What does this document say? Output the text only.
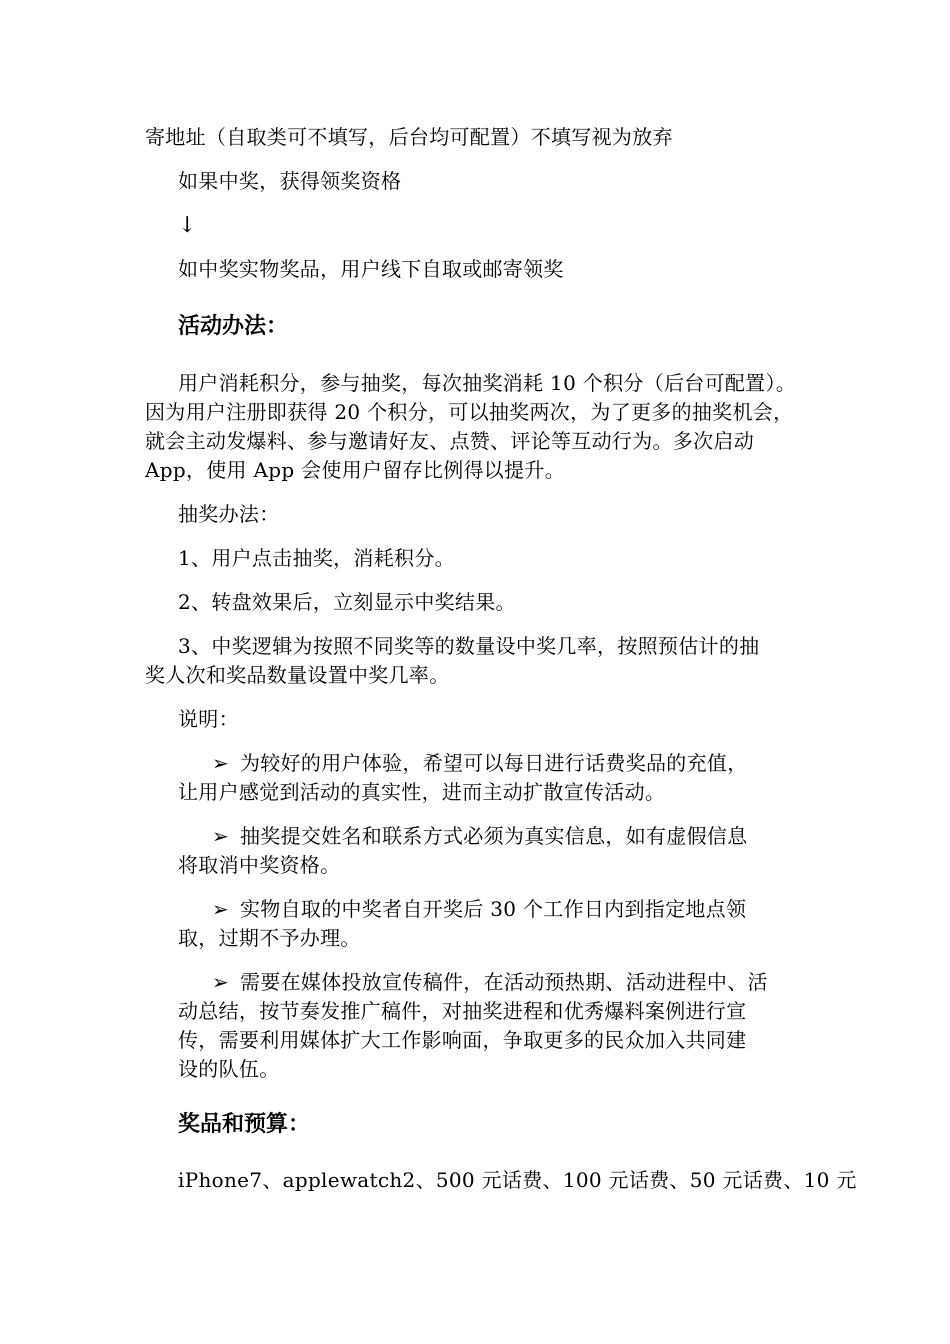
寄地址（自取类可不填写，后台均可配置）不填写视为放弃
如果中奖，获得领奖资格
↓
如中奖实物奖品，用户线下自取或邮寄领奖
活动办法：
用户消耗积分，参与抽奖，每次抽奖消耗 10 个积分（后台可配置）。
因为用户注册即获得 20 个积分，可以抽奖两次，为了更多的抽奖机会，
就会主动发爆料、参与邀请好友、点赞、评论等互动行为。多次启动
App，使用 App 会使用户留存比例得以提升。
抽奖办法：
1、用户点击抽奖，消耗积分。
2、转盘效果后，立刻显示中奖结果。
3、中奖逻辑为按照不同奖等的数量设中奖几率，按照预估计的抽
奖人次和奖品数量设置中奖几率。
说明：
➢ 为较好的用户体验，希望可以每日进行话费奖品的充值，
让用户感觉到活动的真实性，进而主动扩散宣传活动。
➢ 抽奖提交姓名和联系方式必须为真实信息，如有虚假信息
将取消中奖资格。
➢ 实物自取的中奖者自开奖后 30 个工作日内到指定地点领
取，过期不予办理。
➢ 需要在媒体投放宣传稿件，在活动预热期、活动进程中、活
动总结，按节奏发推广稿件，对抽奖进程和优秀爆料案例进行宣
传，需要利用媒体扩大工作影响面，争取更多的民众加入共同建
设的队伍。
奖品和预算：
iPhone7、applewatch2、500 元话费、100 元话费、50 元话费、10 元
